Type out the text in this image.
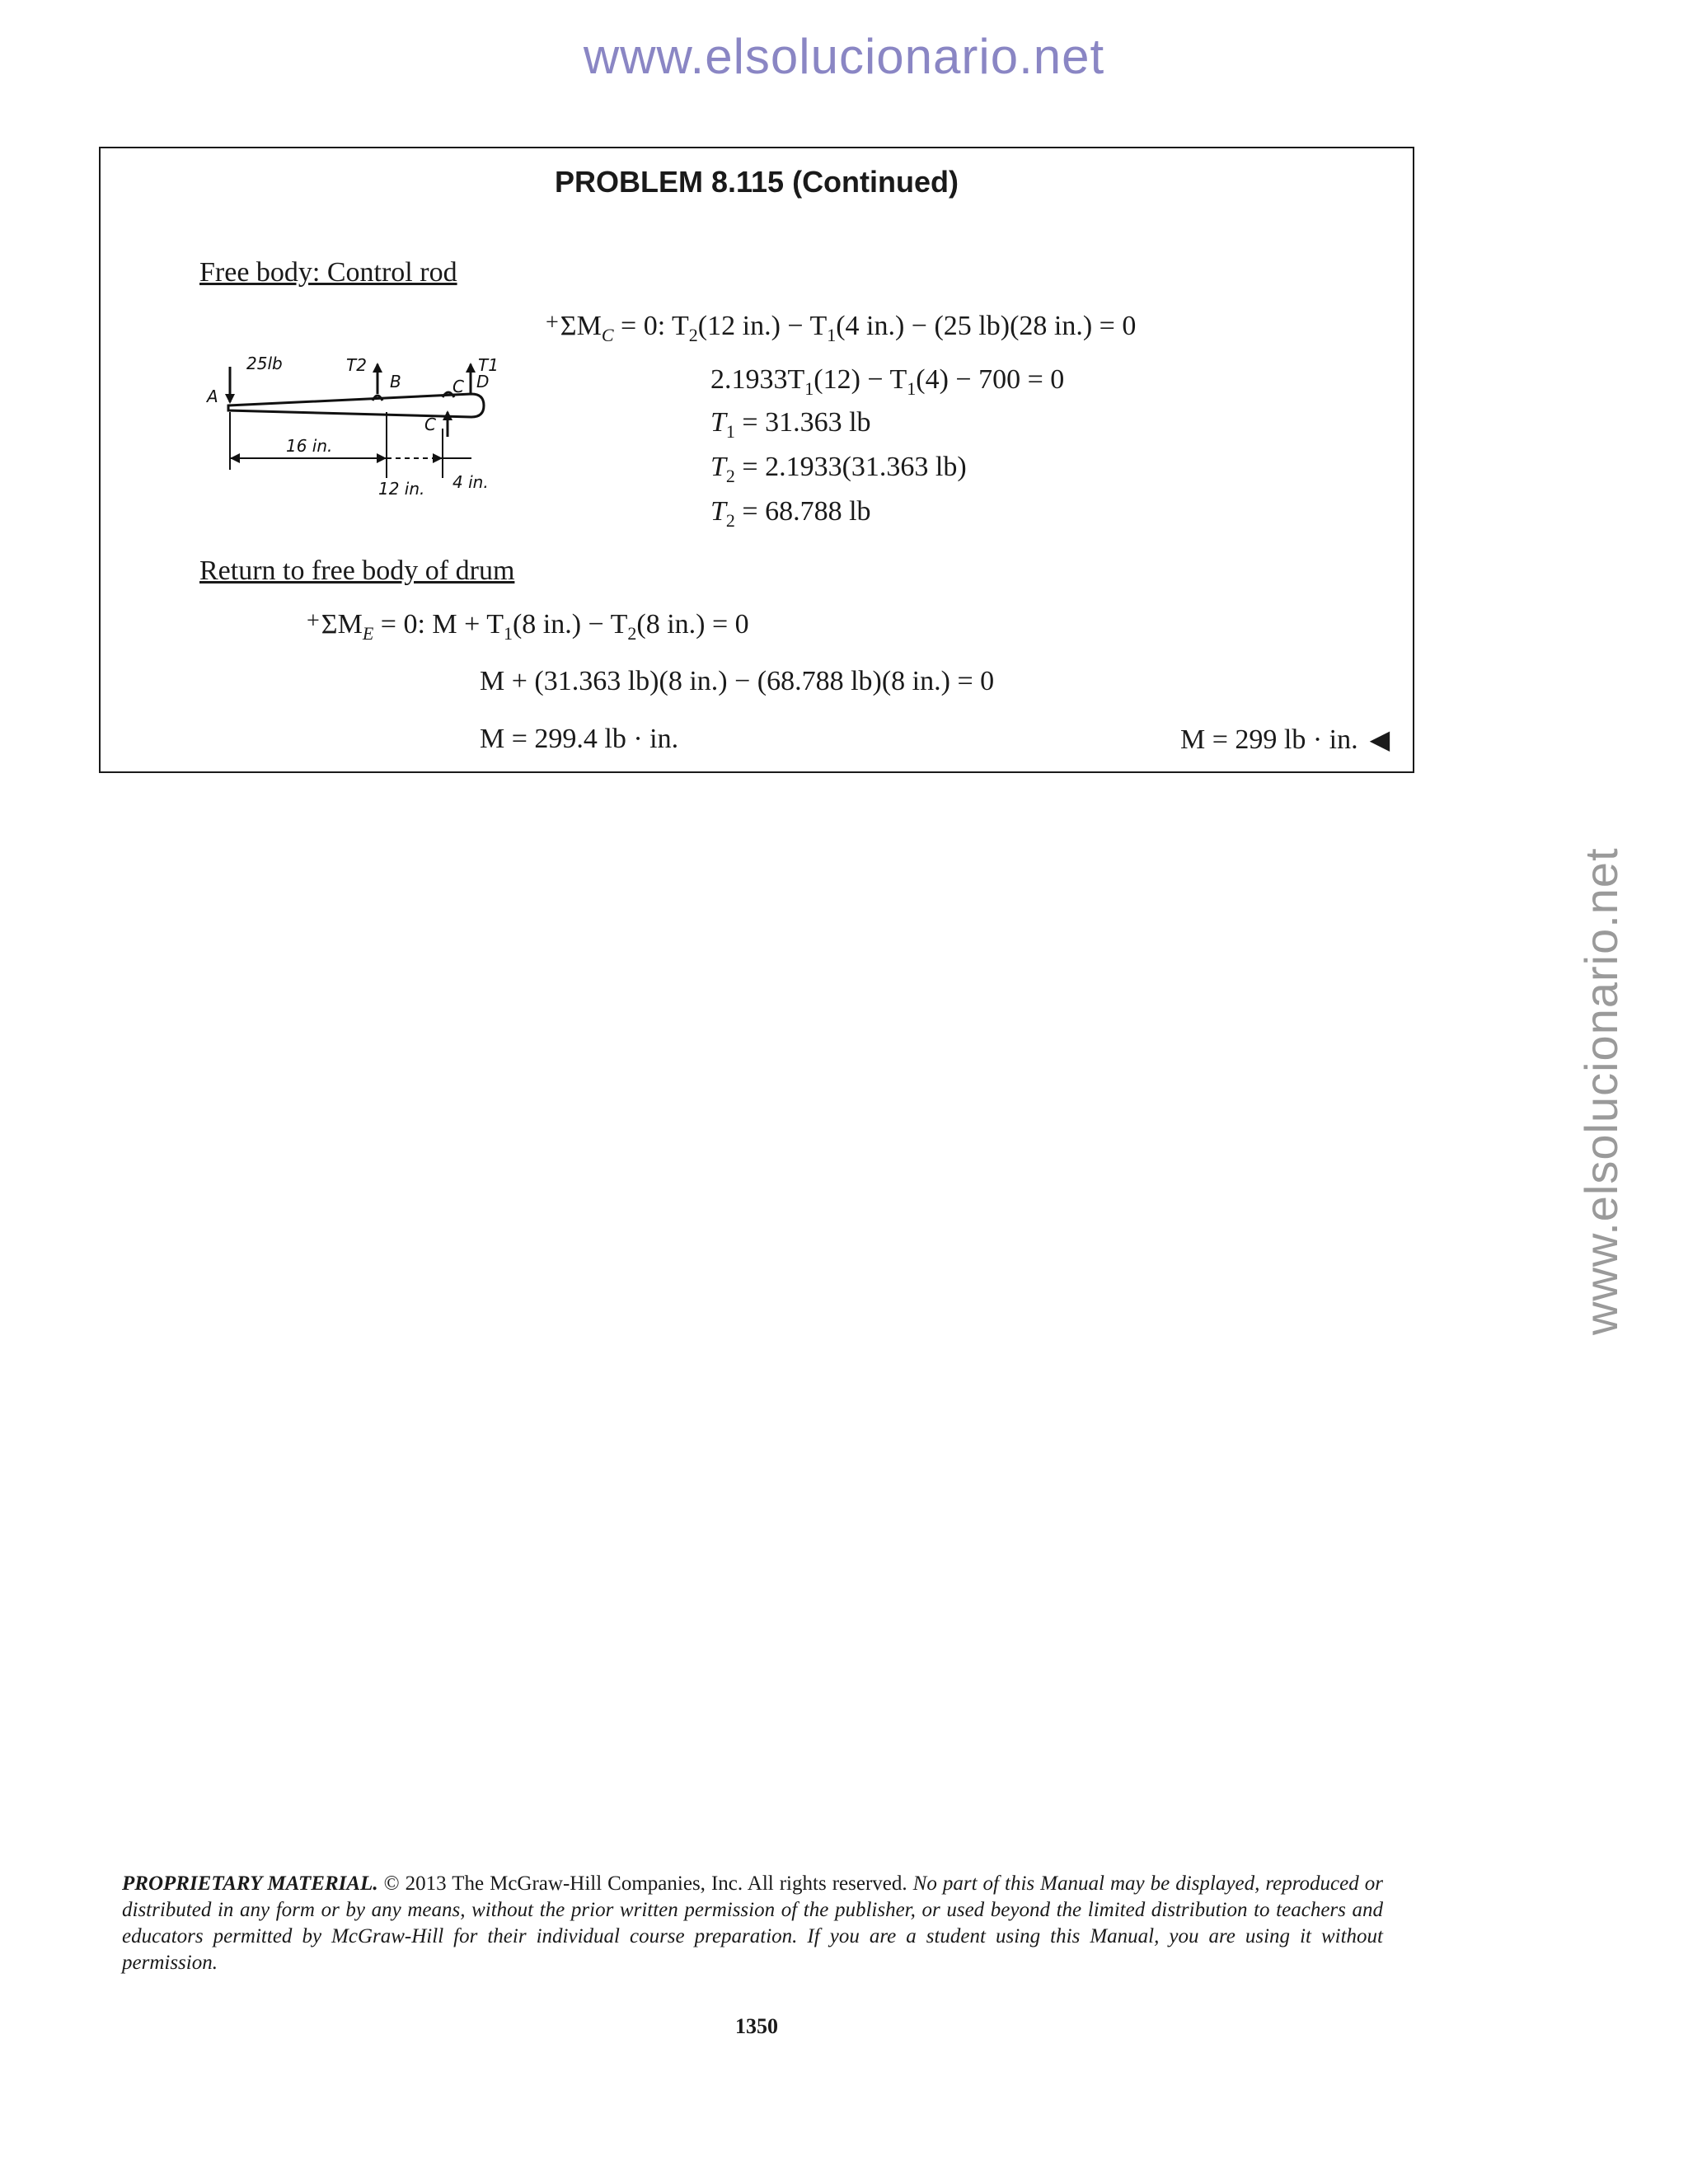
www.elsolucionario.net
www.elsolucionario.net
PROBLEM 8.115 (Continued)
Free body: Control rod
25lb	T2	T1
A
B	C D
C
16 in.
12 in. 4 in.
$+\Sigma M_C = 0$: $T_2(12$ $in.) - T_1(4$ in.) − (25 lb)(28 in.) = 0
$2.1933T_1(12) - T_1(4) - 700 = 0$
$T_1 = 31.363$ lb
$T_2 = 2.1933(31.363$ lb)
$T_2 = 68.788$ lb
Return to free body of drum
$+\Sigma M_E = 0$: $M + T_1(8$ $in.) - T_2(8$ in.) = 0
M + (31.363 lb)(8 in.) − (68.788 lb)(8 in.) = 0
M = 299.4 lb · in.	M = 299 lb · in. ◀
PROPRIETARY MATERIAL. © 2013 The McGraw-Hill Companies, Inc. All rights reserved. No part of this Manual may be displayed, reproduced or distributed in any form or by any means, without the prior written permission of the publisher, or used beyond the limited distribution to teachers and educators permitted by McGraw-Hill for their individual course preparation. If you are a student using this Manual, you are using it without permission.
1350
